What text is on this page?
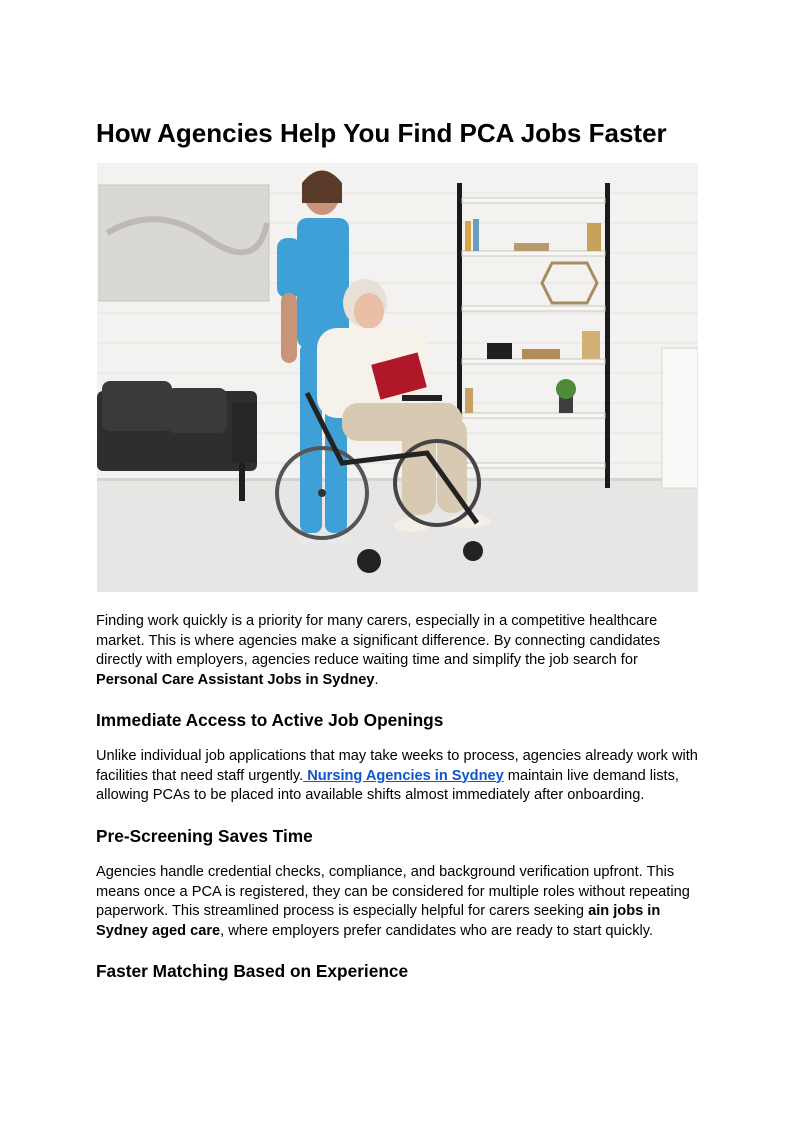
How Agencies Help You Find PCA Jobs Faster

Finding work quickly is a priority for many carers, especially in a competitive healthcare market. This is where agencies make a significant difference. By connecting candidates directly with employers, agencies reduce waiting time and simplify the job search for Personal Care Assistant Jobs in Sydney.

Immediate Access to Active Job Openings

Unlike individual job applications that may take weeks to process, agencies already work with facilities that need staff urgently. Nursing Agencies in Sydney maintain live demand lists, allowing PCAs to be placed into available shifts almost immediately after onboarding.

Pre-Screening Saves Time

Agencies handle credential checks, compliance, and background verification upfront. This means once a PCA is registered, they can be considered for multiple roles without repeating paperwork. This streamlined process is especially helpful for carers seeking ain jobs in Sydney aged care, where employers prefer candidates who are ready to start quickly.

Faster Matching Based on Experience
